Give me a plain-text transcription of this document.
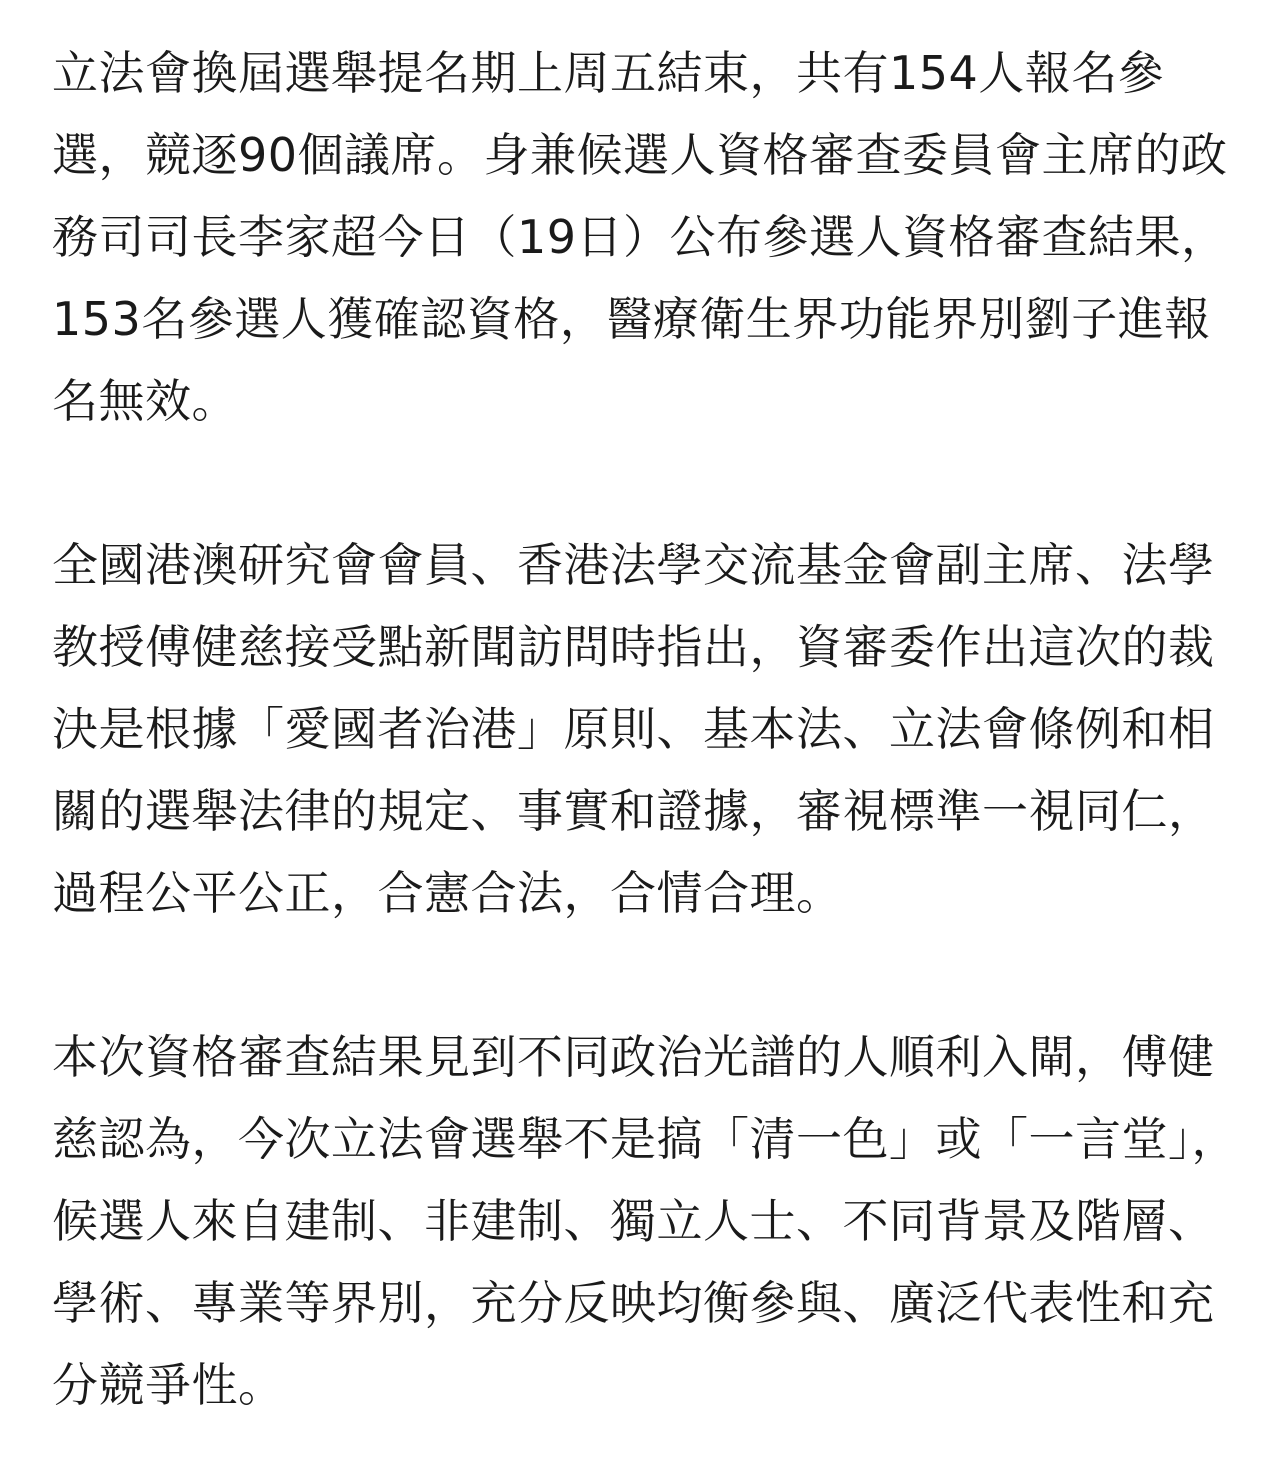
立法會換屆選舉提名期上周五結束，共有154人報名參選，競逐90個議席。身兼候選人資格審查委員會主席的政務司司長李家超今日（19日）公布參選人資格審查結果，153名參選人獲確認資格，醫療衛生界功能界別劉子進報名無效。

全國港澳研究會會員、香港法學交流基金會副主席、法學教授傅健慈接受點新聞訪問時指出，資審委作出這次的裁決是根據「愛國者治港」原則、基本法、立法會條例和相關的選舉法律的規定、事實和證據，審視標準一視同仁，過程公平公正，合憲合法，合情合理。

本次資格審查結果見到不同政治光譜的人順利入閘，傅健慈認為，今次立法會選舉不是搞「清一色」或「一言堂」，候選人來自建制、非建制、獨立人士、不同背景及階層、學術、專業等界別，充分反映均衡參與、廣泛代表性和充分競爭性。
